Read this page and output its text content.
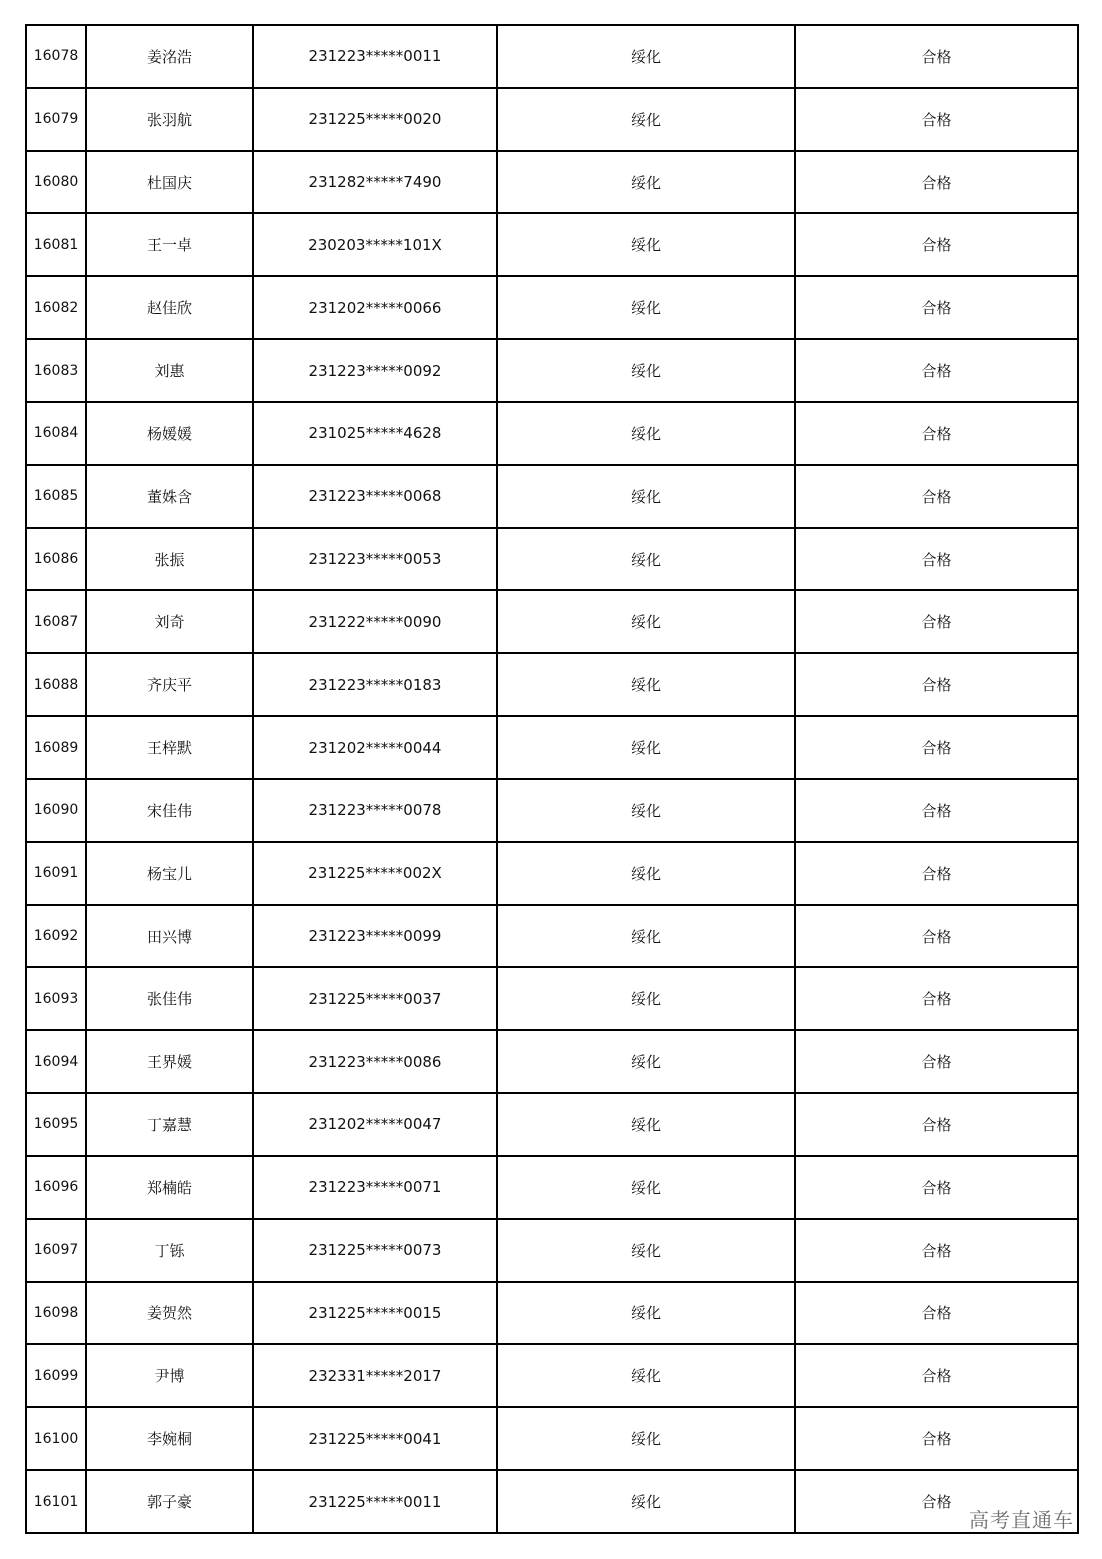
16078	姜洺浩	231223*****0011	绥化	合格
16079	张羽航	231225*****0020	绥化	合格
16080	杜国庆	231282*****7490	绥化	合格
16081	王一卓	230203*****101X	绥化	合格
16082	赵佳欣	231202*****0066	绥化	合格
16083	刘惠	231223*****0092	绥化	合格
16084	杨媛媛	231025*****4628	绥化	合格
16085	董姝含	231223*****0068	绥化	合格
16086	张振	231223*****0053	绥化	合格
16087	刘奇	231222*****0090	绥化	合格
16088	齐庆平	231223*****0183	绥化	合格
16089	王梓默	231202*****0044	绥化	合格
16090	宋佳伟	231223*****0078	绥化	合格
16091	杨宝儿	231225*****002X	绥化	合格
16092	田兴博	231223*****0099	绥化	合格
16093	张佳伟	231225*****0037	绥化	合格
16094	王界媛	231223*****0086	绥化	合格
16095	丁嘉慧	231202*****0047	绥化	合格
16096	郑楠皓	231223*****0071	绥化	合格
16097	丁铄	231225*****0073	绥化	合格
16098	姜贺然	231225*****0015	绥化	合格
16099	尹博	232331*****2017	绥化	合格
16100	李婉桐	231225*****0041	绥化	合格
16101	郭子豪	231225*****0011	绥化	合格
高考直通车
